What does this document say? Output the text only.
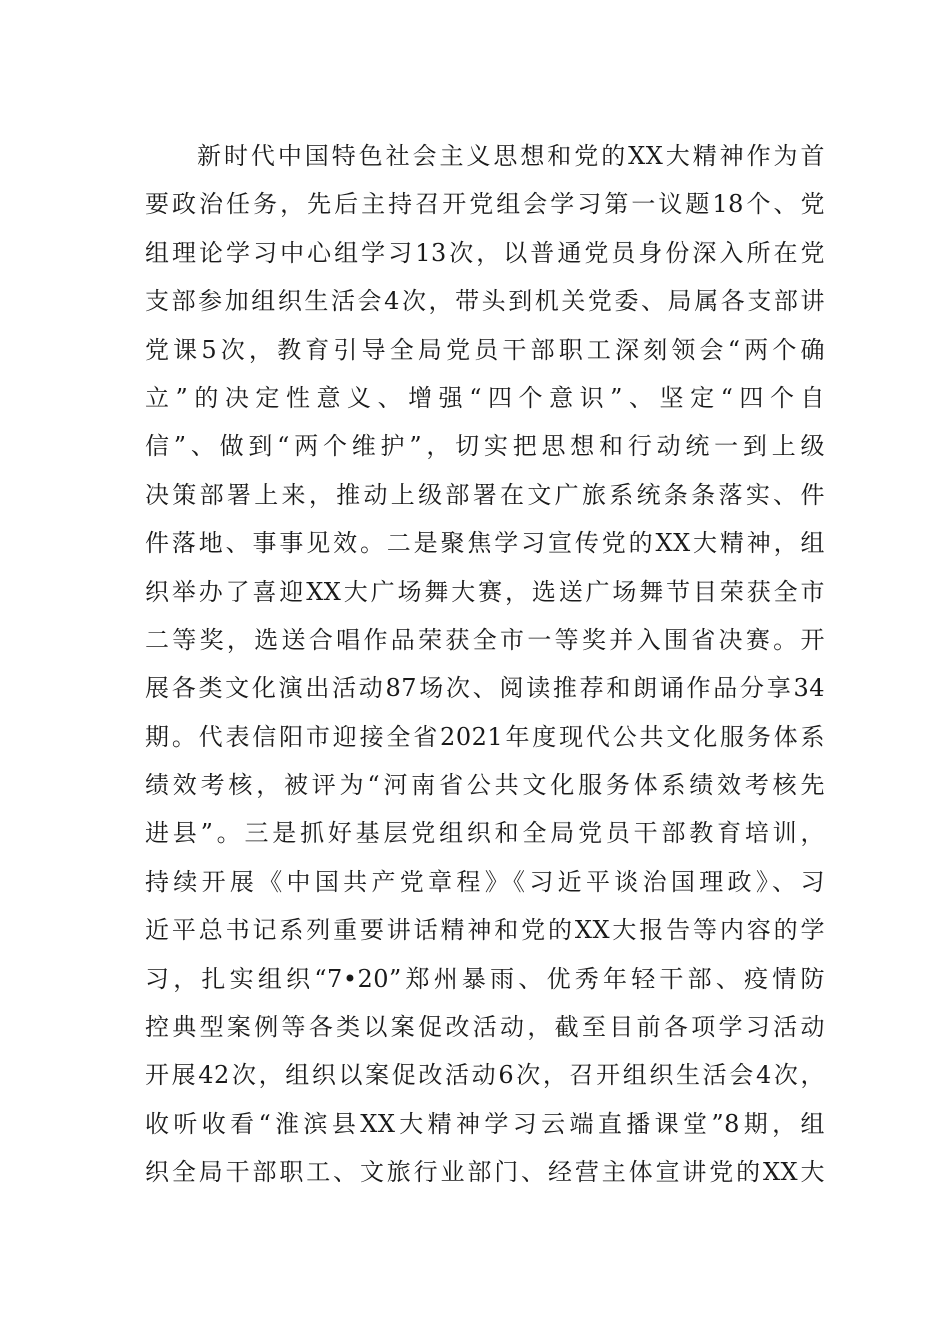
新时代中国特色社会主义思想和党的XX大精神作为首
要政治任务，先后主持召开党组会学习第一议题18个、党
组理论学习中心组学习13次，以普通党员身份深入所在党
支部参加组织生活会4次，带头到机关党委、局属各支部讲
党课5次，教育引导全局党员干部职工深刻领会“两个确
立”的决定性意义、增强“四个意识”、坚定“四个自
信”、做到“两个维护”，切实把思想和行动统一到上级
决策部署上来，推动上级部署在文广旅系统条条落实、件
件落地、事事见效。二是聚焦学习宣传党的XX大精神，组
织举办了喜迎XX大广场舞大赛，选送广场舞节目荣获全市
二等奖，选送合唱作品荣获全市一等奖并入围省决赛。开
展各类文化演出活动87场次、阅读推荐和朗诵作品分享34
期。代表信阳市迎接全省2021年度现代公共文化服务体系
绩效考核，被评为“河南省公共文化服务体系绩效考核先
进县”。三是抓好基层党组织和全局党员干部教育培训，
持续开展《中国共产党章程》《习近平谈治国理政》、习
近平总书记系列重要讲话精神和党的XX大报告等内容的学
习，扎实组织“7•20”郑州暴雨、优秀年轻干部、疫情防
控典型案例等各类以案促改活动，截至目前各项学习活动
开展42次，组织以案促改活动6次，召开组织生活会4次，
收听收看“淮滨县XX大精神学习云端直播课堂”8期，组
织全局干部职工、文旅行业部门、经营主体宣讲党的XX大
